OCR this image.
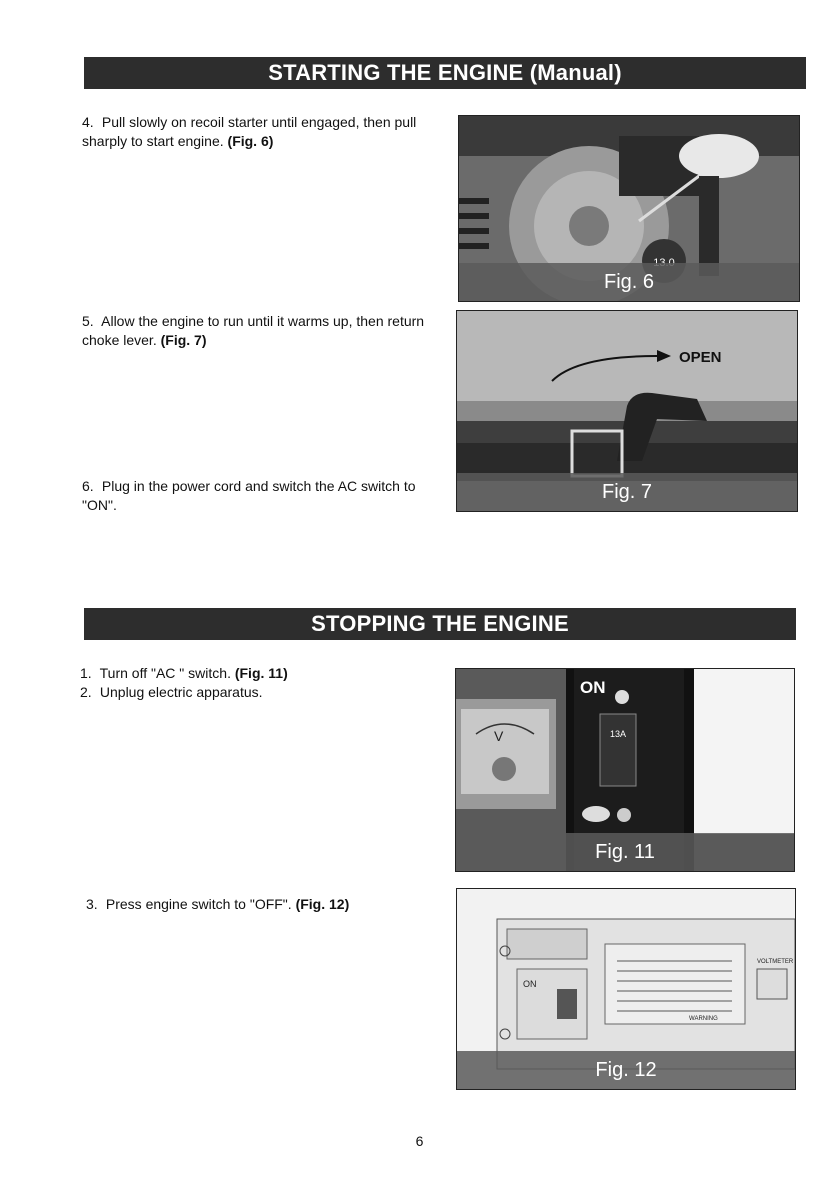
STARTING THE ENGINE (Manual)
4. Pull slowly on recoil starter until engaged, then pull sharply to start engine. (Fig. 6)
5. Allow the engine to run until it warms up, then return choke lever. (Fig. 7)
6. Plug in the power cord and switch the AC switch to "ON".
Fig. 6
OPEN
Fig. 7
STOPPING THE ENGINE
1. Turn off "AC " switch. (Fig. 11)
2. Unplug electric apparatus.
3. Press engine switch to "OFF". (Fig. 12)
V
ON
13A
Fig. 11
ON
WARNING
VOLTMETER
Fig. 12
6
